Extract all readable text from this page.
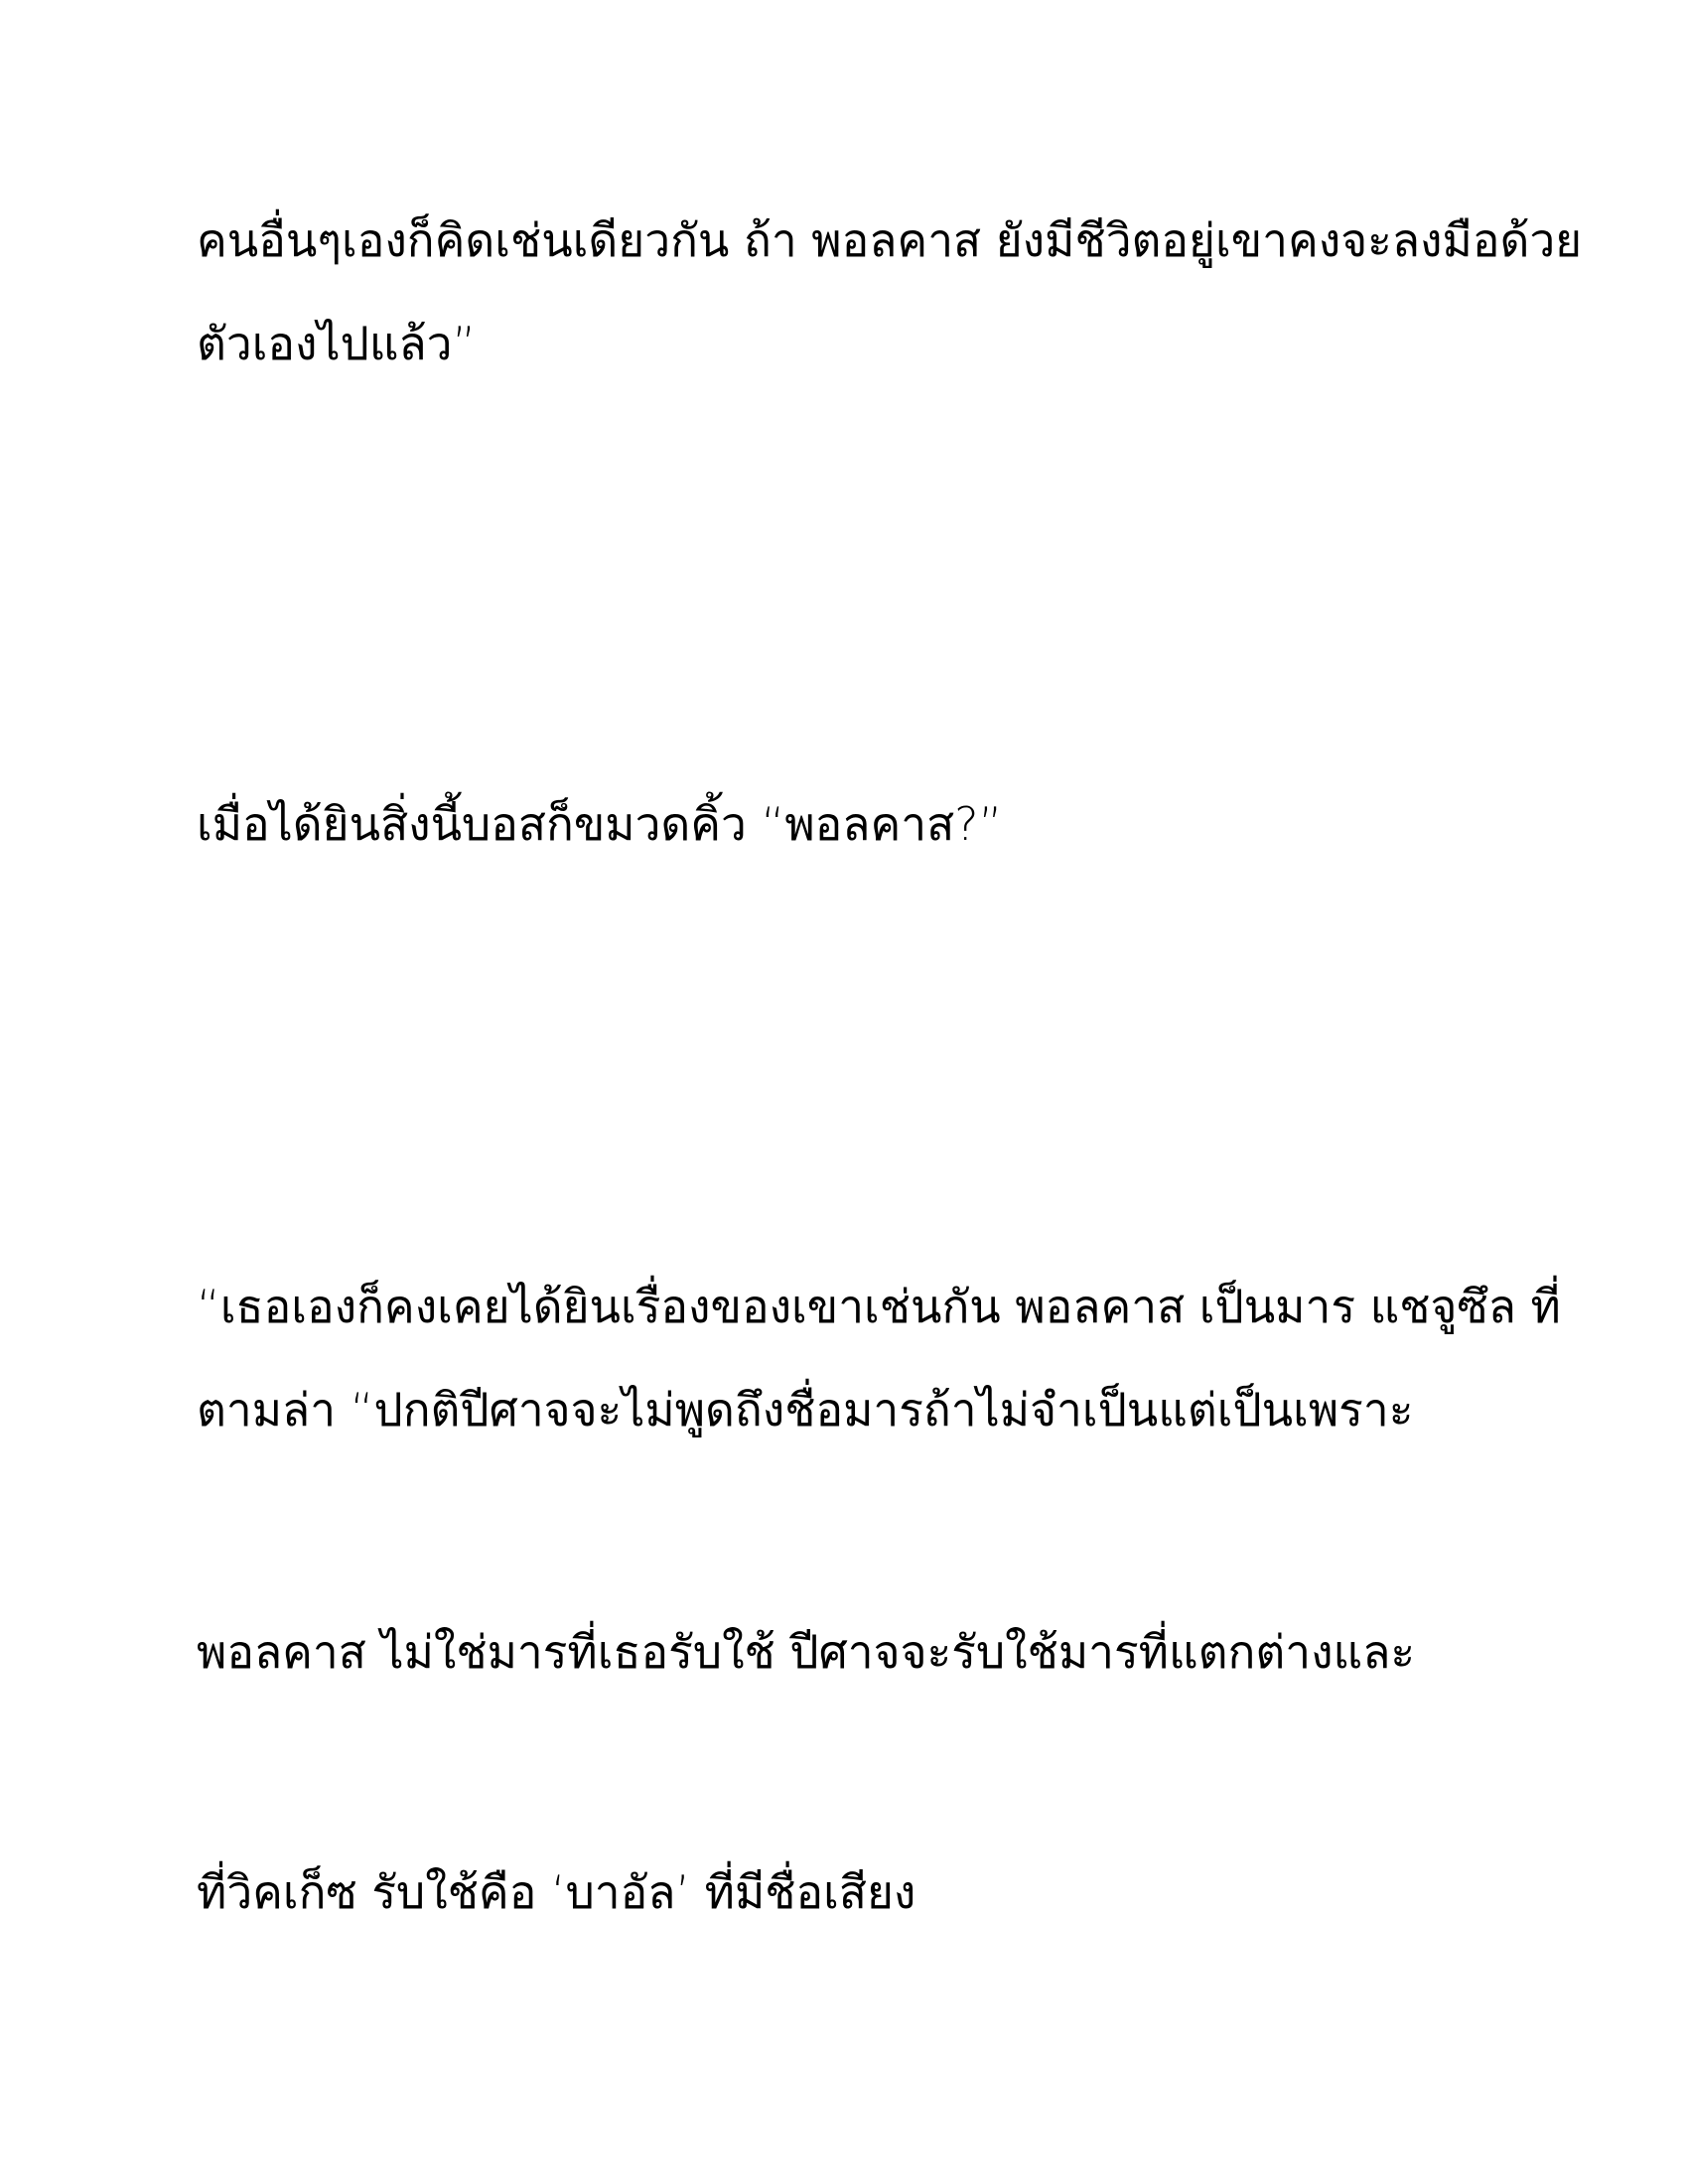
คนอื่นๆเองก็คิดเช่นเดียวกัน ถ้า พอลคาส ยังมีชีวิตอยู่เขาคงจะลงมือด้วย
ตัวเองไปแล้ว”
เมื่อได้ยินสิ่งนี้บอสก็ขมวดคิ้ว “พอลคาส?”
“เธอเองก็คงเคยได้ยินเรื่องของเขาเช่นกัน พอลคาส เป็นมาร แชจูซึล ที่
ตามล่า “ปกติปีศาจจะไม่พูดถึงชื่อมารถ้าไม่จำเป็นแต่เป็นเพราะ
พอลคาส ไม่ใช่มารที่เธอรับใช้ ปีศาจจะรับใช้มารที่แตกต่างและ
ที่วิคเก็ซ รับใช้คือ ‘บาอัล’ ที่มีชื่อเสียง
